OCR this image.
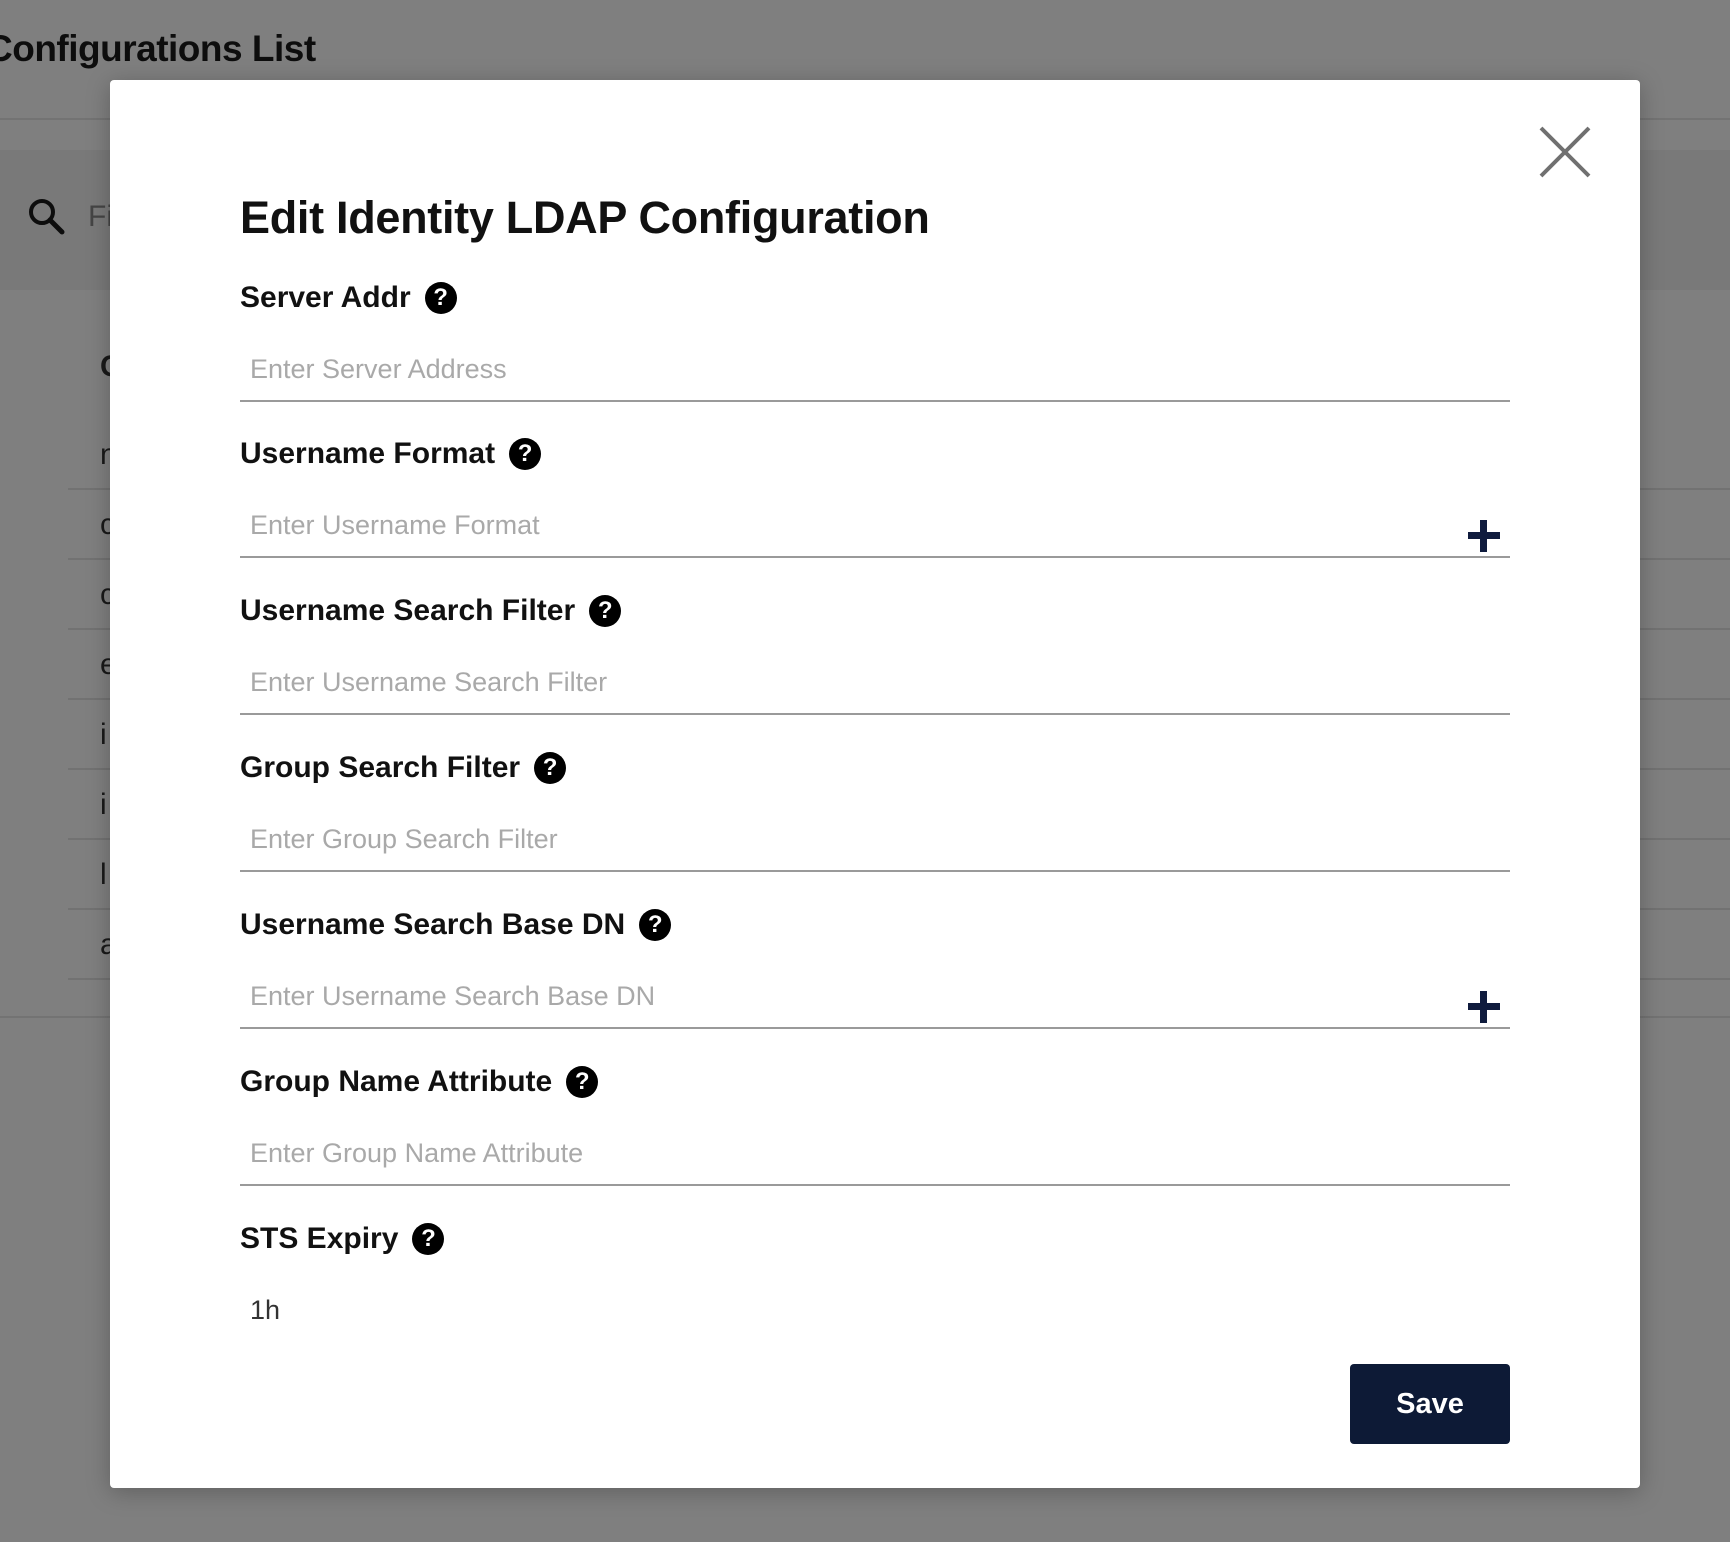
Edit Identity LDAP Configuration
Server Addr ?
Enter Server Address
Username Format ?
Enter Username Format
Username Search Filter ?
Enter Username Search Filter
Group Search Filter ?
Enter Group Search Filter
Username Search Base DN ?
Enter Username Search Base DN
Group Name Attribute ?
Enter Group Name Attribute
STS Expiry ?
1h
Save
